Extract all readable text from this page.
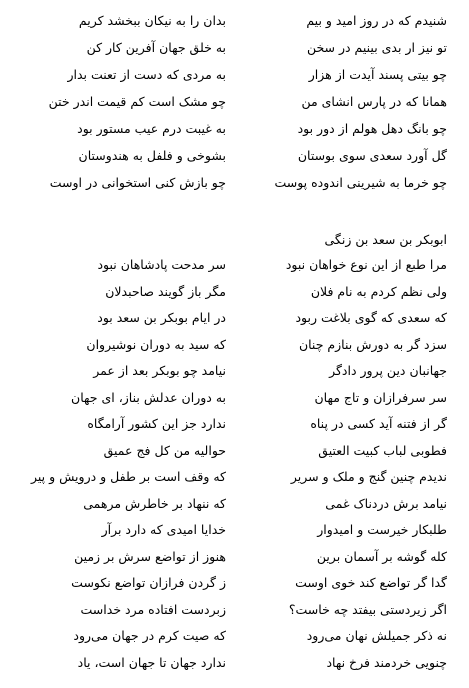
شنیدم که در روز امید و بیم
بدان را به نیکان ببخشد کریم
تو نیز ار بدی بینیم در سخن
به خلق جهان آفرین کار کن
چو بیتی پسند آیدت از هزار
به مردی که دست از تعنت بدار
همانا که در پارس انشای من
چو مشک است کم قیمت اندر ختن
چو بانگ دهل هولم از دور بود
به غیبت درم عیب مستور بود
گل آورد سعدی سوی بوستان
بشوخی و فلفل به هندوستان
چو خرما به شیرینی اندوده پوست
چو بازش کنی استخوانی در اوست
ابوبکر بن سعد بن زنگی
مرا طبع از این نوع خواهان نبود
سر مدحت پادشاهان نبود
ولی نظم کردم به نام فلان
مگر باز گویند صاحبدلان
که سعدی که گوی بلاغت ربود
در ایام بوبکر بن سعد بود
سزد گر به دورش بنازم چنان
که سید به دوران نوشیروان
جهانبان دین پرور دادگر
نیامد چو بوبکر بعد از عمر
سر سرفرازان و تاج مهان
به دوران عدلش بناز، ای جهان
گر از فتنه آید کسی در پناه
ندارد جز این کشور آرامگاه
فطوبی لباب کبیت العتیق
حوالیه من کل فج عمیق
ندیدم چنین گنج و ملک و سریر
که وقف است بر طفل و درویش و پیر
نیامد برش دردناک غمی
که ننهاد بر خاطرش مرهمی
طلبکار خیرست و امیدوار
خدایا امیدی که دارد برآر
کله گوشه بر آسمان برین
هنوز از تواضع سرش بر زمین
گدا گر تواضع کند خوی اوست
ز گردن فرازان تواضع نکوست
اگر زیردستی بیفتد چه خاست؟
زبردست افتاده مرد خداست
نه ذکر جمیلش نهان می‌رود
که صیت کرم در جهان می‌رود
چنویی خردمند فرخ نهاد
ندارد جهان تا جهان است، یاد
